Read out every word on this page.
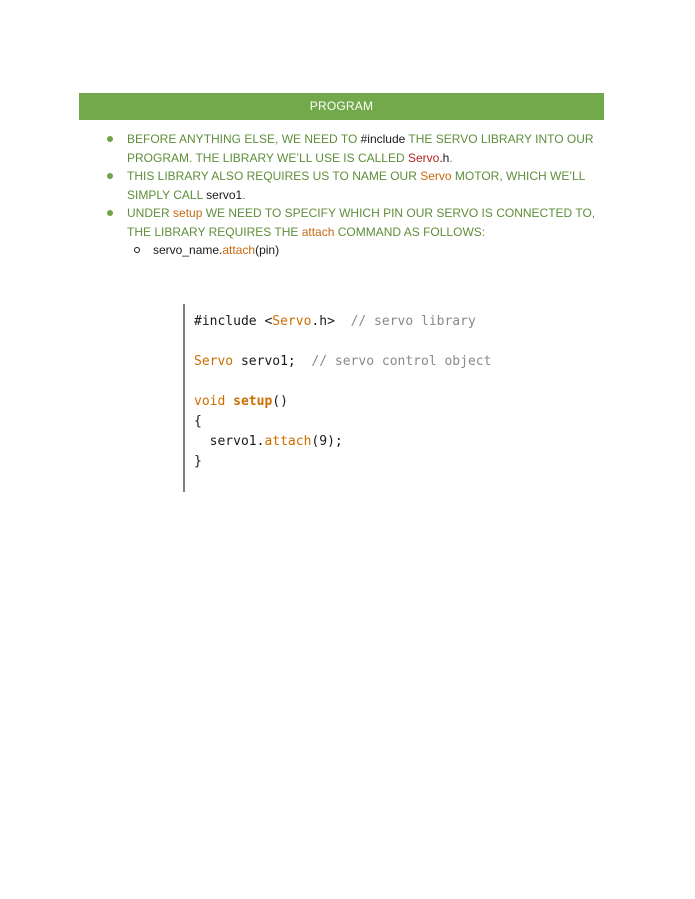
PROGRAM
BEFORE ANYTHING ELSE, WE NEED TO #include THE SERVO LIBRARY INTO OUR PROGRAM. THE LIBRARY WE’LL USE IS CALLED Servo.h.
THIS LIBRARY ALSO REQUIRES US TO NAME OUR Servo MOTOR, WHICH WE’LL SIMPLY CALL servo1.
UNDER setup WE NEED TO SPECIFY WHICH PIN OUR SERVO IS CONNECTED TO, THE LIBRARY REQUIRES THE attach COMMAND AS FOLLOWS:
servo_name.attach(pin)
#include <Servo.h>  // servo library
Servo servo1;  // servo control object
void setup()
{
servo1.attach(9);
}
